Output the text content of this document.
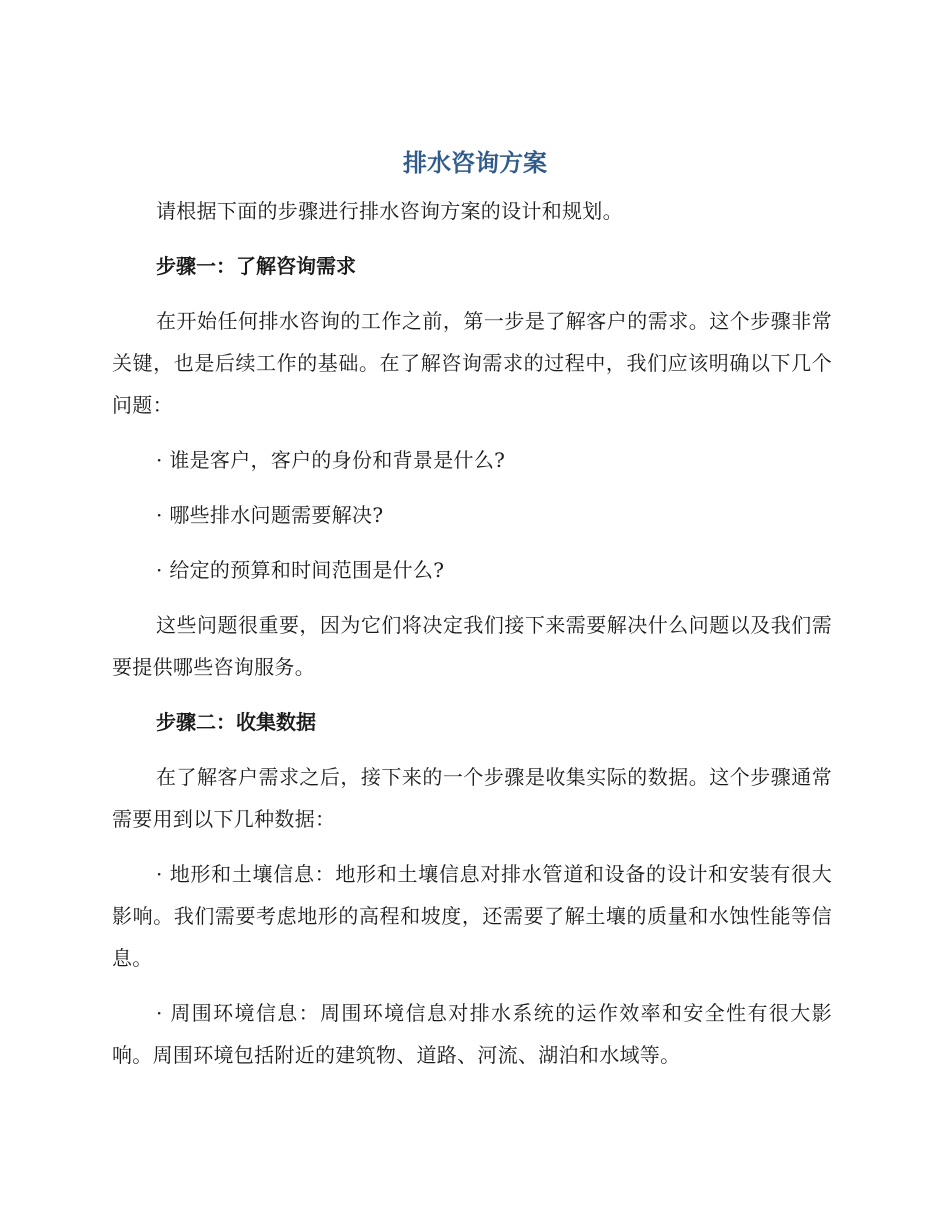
排水咨询方案

请根据下面的步骤进行排水咨询方案的设计和规划。

步骤一：了解咨询需求

在开始任何排水咨询的工作之前，第一步是了解客户的需求。这个步骤非常关键，也是后续工作的基础。在了解咨询需求的过程中，我们应该明确以下几个问题：

· 谁是客户，客户的身份和背景是什么?

· 哪些排水问题需要解决?

· 给定的预算和时间范围是什么?

这些问题很重要，因为它们将决定我们接下来需要解决什么问题以及我们需要提供哪些咨询服务。

步骤二：收集数据

在了解客户需求之后，接下来的一个步骤是收集实际的数据。这个步骤通常需要用到以下几种数据：

· 地形和土壤信息：地形和土壤信息对排水管道和设备的设计和安装有很大影响。我们需要考虑地形的高程和坡度，还需要了解土壤的质量和水蚀性能等信息。

· 周围环境信息：周围环境信息对排水系统的运作效率和安全性有很大影响。周围环境包括附近的建筑物、道路、河流、湖泊和水域等。
